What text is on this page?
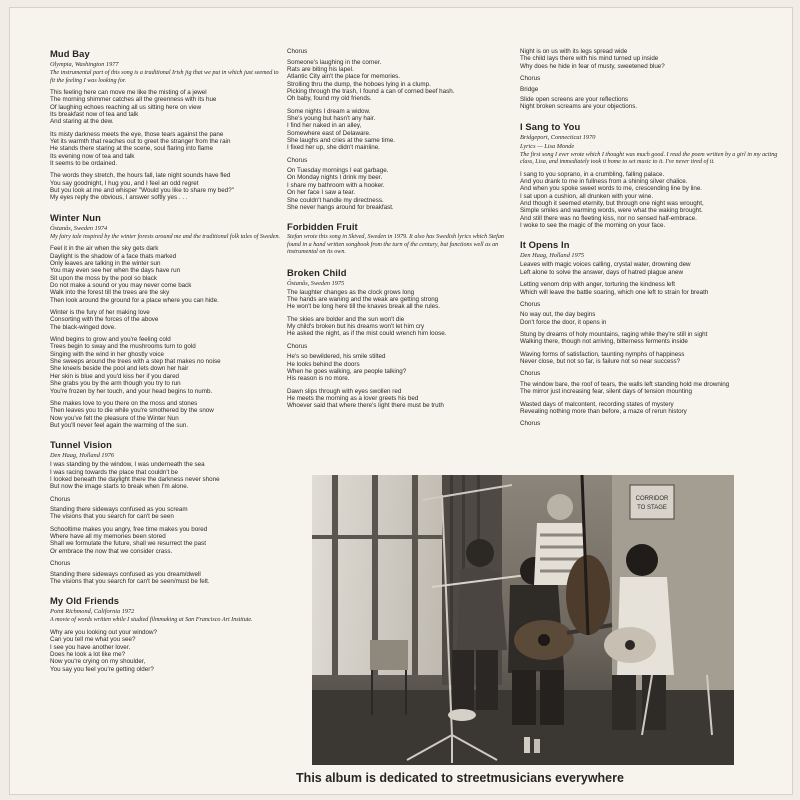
Mud Bay
Olympia, Washington 1977
The instrumental part of this song is a traditional Irish jig that we put in which just seemed to fit the feeling I was looking for.
This feeling here can move me like the misting of a jewel
The morning shimmer catches all the greenness with its hue
Of laughing echoes reaching all us sitting here on view
Its breakfast now of tea and talk
And staring at the dew.
Its misty darkness meets the eye, those tears against the pane
Yet its warmth that reaches out to greet the stranger from the rain
He stands there staring at the scene, soul flaring into flame
Its evening now of tea and talk
It seems to be ordained.
The words they stretch, the hours fall, late night sounds have fled
You say goodnight, I hug you, and I feel an odd regret
But you look at me and whisper "Would you like to share my bed?"
My eyes reply the obvious, I answer softly yes . . .
Winter Nun
Östanås, Sweden 1974
My fairy tale inspired by the winter forests around me and the traditional folk tales of Sweden.
Feel it in the air when the sky gets dark
Daylight is the shadow of a face thats marked
Only leaves are talking in the winter sun
You may even see her when the days have run
Sit upon the moss by the pool so black
Do not make a sound or you may never come back
Walk into the forest till the trees are the sky
Then look around the ground for a place where you can hide.
Winter is the fury of her making love
Consorting with the forces of the above
The black-winged dove.
Wind begins to grow and you're feeling cold
Trees begin to sway and the mushrooms turn to gold
Singing with the wind in her ghostly voice
She sweeps around the trees with a step that makes no noise
She kneels beside the pool and lets down her hair
Her skin is blue and you'd kiss her if you dared
She grabs you by the arm though you try to run
You're frozen by her touch, and your head begins to numb.
She makes love to you there on the moss and stones
Then leaves you to die while you're smothered by the snow
Now you've felt the pleasure of the Winter Nun
But you'll never feel again the warming of the sun.
Tunnel Vision
Den Haag, Holland 1976
I was standing by the window, I was underneath the sea
I was racing towards the place that couldn't be
I looked beneath the daylight there the darkness never shone
But now the image starts to break when I'm alone.
Chorus
Standing there sideways confused as you scream
The visions that you search for can't be seen
Schooltime makes you angry, free time makes you bored
Where have all my memories been stored
Shall we formulate the future, shall we resurrect the past
Or embrace the now that we consider crass.
Chorus
Standing there sideways confused as you dream/dwell
The visions that you search for can't be seen/must be felt.
My Old Friends
Point Richmond, California 1972
A movie of words written while I studied filmmaking at San Francisco Art Institute.
Why are you looking out your window?
Can you tell me what you see?
I see you have another lover.
Does he look a lot like me?
Now you're crying on my shoulder,
You say you feel you're getting older?
Chorus
Someone's laughing in the corner.
Rats are biting his lapel.
Atlantic City ain't the place for memories.
Strolling thru the dump, the hoboes lying in a clump.
Picking through the trash, I found a can of corned beef hash.
Oh baby, found my old friends.
Some nights I dream a widow.
She's young but hasn't any hair.
I find her naked in an alley,
Somewhere east of Delaware.
She laughs and cries at the same time.
I fixed her up, she didn't mainline.
Chorus
On Tuesday mornings I eat garbage.
On Monday nights I drink my beer.
I share my bathroom with a hooker.
On her face I saw a tear.
She couldn't handle my directness.
She never hangs around for breakfast.
Forbidden Fruit
Stefan wrote this song in Skived, Sweden in 1979. It also has Swedish lyrics which Stefan found in a hand written songbook from the turn of the century, but functions well as an instrumental on its own.
Broken Child
Östanås, Sweden 1975
The laughter changes as the clock grows long
The hands are waning and the weak are getting strong
He won't be long here till the knaves break all the rules.
The skies are bolder and the sun won't die
My child's broken but his dreams won't let him cry
He asked the night, as if the mist could wrench him loose.
Chorus
He's so bewildered, his smile stilted
He looks behind the doors
When he goes walking, are people talking?
His reason is no more.
Dawn slips through with eyes swollen red
He meets the morning as a lover greets his bed
Whoever said that where there's light there must be truth
Night is on us with its legs spread wide
The child lays there with his mind turned up inside
Why does he hide in fear of musty, sweetened blue?
Chorus
Bridge
Slide open screens are your reflections
Night broken screams are your objections.
I Sang to You
Bridgeport, Connecticut 1970
Lyrics — Lisa Monde
The first song I ever wrote which I thought was much good. I read the poem written by a girl in my acting class, Lisa, and immediately took it home to set music to it. I've never tired of it.
I sang to you soprano, in a crumbling, falling palace.
And you drank to me in fullness from a shining silver chalice.
And when you spoke sweet words to me, crescending line by line.
I sat upon a cushion, all drunken with your wine.
And though it seemed eternity, but through one night was wrought,
Simple smiles and warming words, were what the waking brought.
And still there was no fleeting kiss, nor no sensed half-embrace.
I woke to see the magic of the morning on your face.
It Opens In
Den Haag, Holland 1975
Leaves with magic voices calling, crystal water, drowning dew
Left alone to solve the answer, days of hatred plague anew
Letting venom drip with anger, torturing the kindness left
Which will leave the battle soaring, which one left to strain for breath
Chorus
No way out, the day begins
Don't force the door, it opens in
Stung by dreams of holy mountains, raging while they're still in sight
Walking there, though not arriving, bitterness ferments inside
Waving forms of satisfaction, taunting nymphs of happiness
Never close, but not so far, is failure not so near success?
Chorus
The window bare, the roof of tears, the walls left standing hold me drowning
The mirror just increasing fear, silent days of tension mounting
Wasted days of malcontent, recording states of mystery
Revealing nothing more than before, a maze of rerun history
Chorus
CORRIDOR
TO STAGE
This album is dedicated to streetmusicians everywhere
